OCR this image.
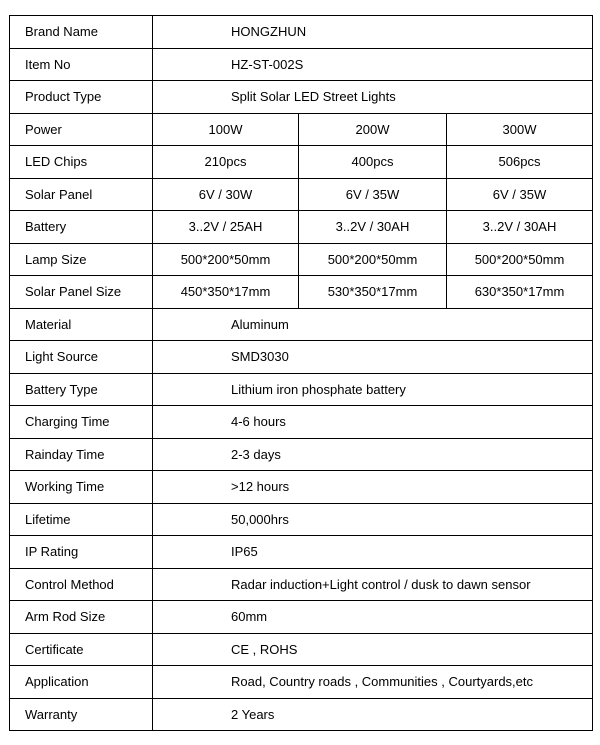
Brand Name	HONGZHUN		
Item No	HZ-ST-002S		
Product Type	Split Solar LED Street Lights		
Power	100W	200W	300W
LED Chips	210pcs	400pcs	506pcs
Solar Panel	6V / 30W	6V / 35W	6V / 35W
Battery	3..2V / 25AH	3..2V / 30AH	3..2V / 30AH
Lamp Size	500*200*50mm	500*200*50mm	500*200*50mm
Solar Panel Size	450*350*17mm	530*350*17mm	630*350*17mm
Material	Aluminum		
Light Source	SMD3030		
Battery Type	Lithium iron phosphate battery		
Charging Time	4-6 hours		
Rainday Time	2-3 days		
Working Time	>12 hours		
Lifetime	50,000hrs		
IP Rating	IP65		
Control Method	Radar induction+Light control / dusk to dawn sensor		
Arm Rod Size	60mm		
Certificate	CE , ROHS		
Application	Road, Country roads , Communities , Courtyards,etc		
Warranty	2 Years		
